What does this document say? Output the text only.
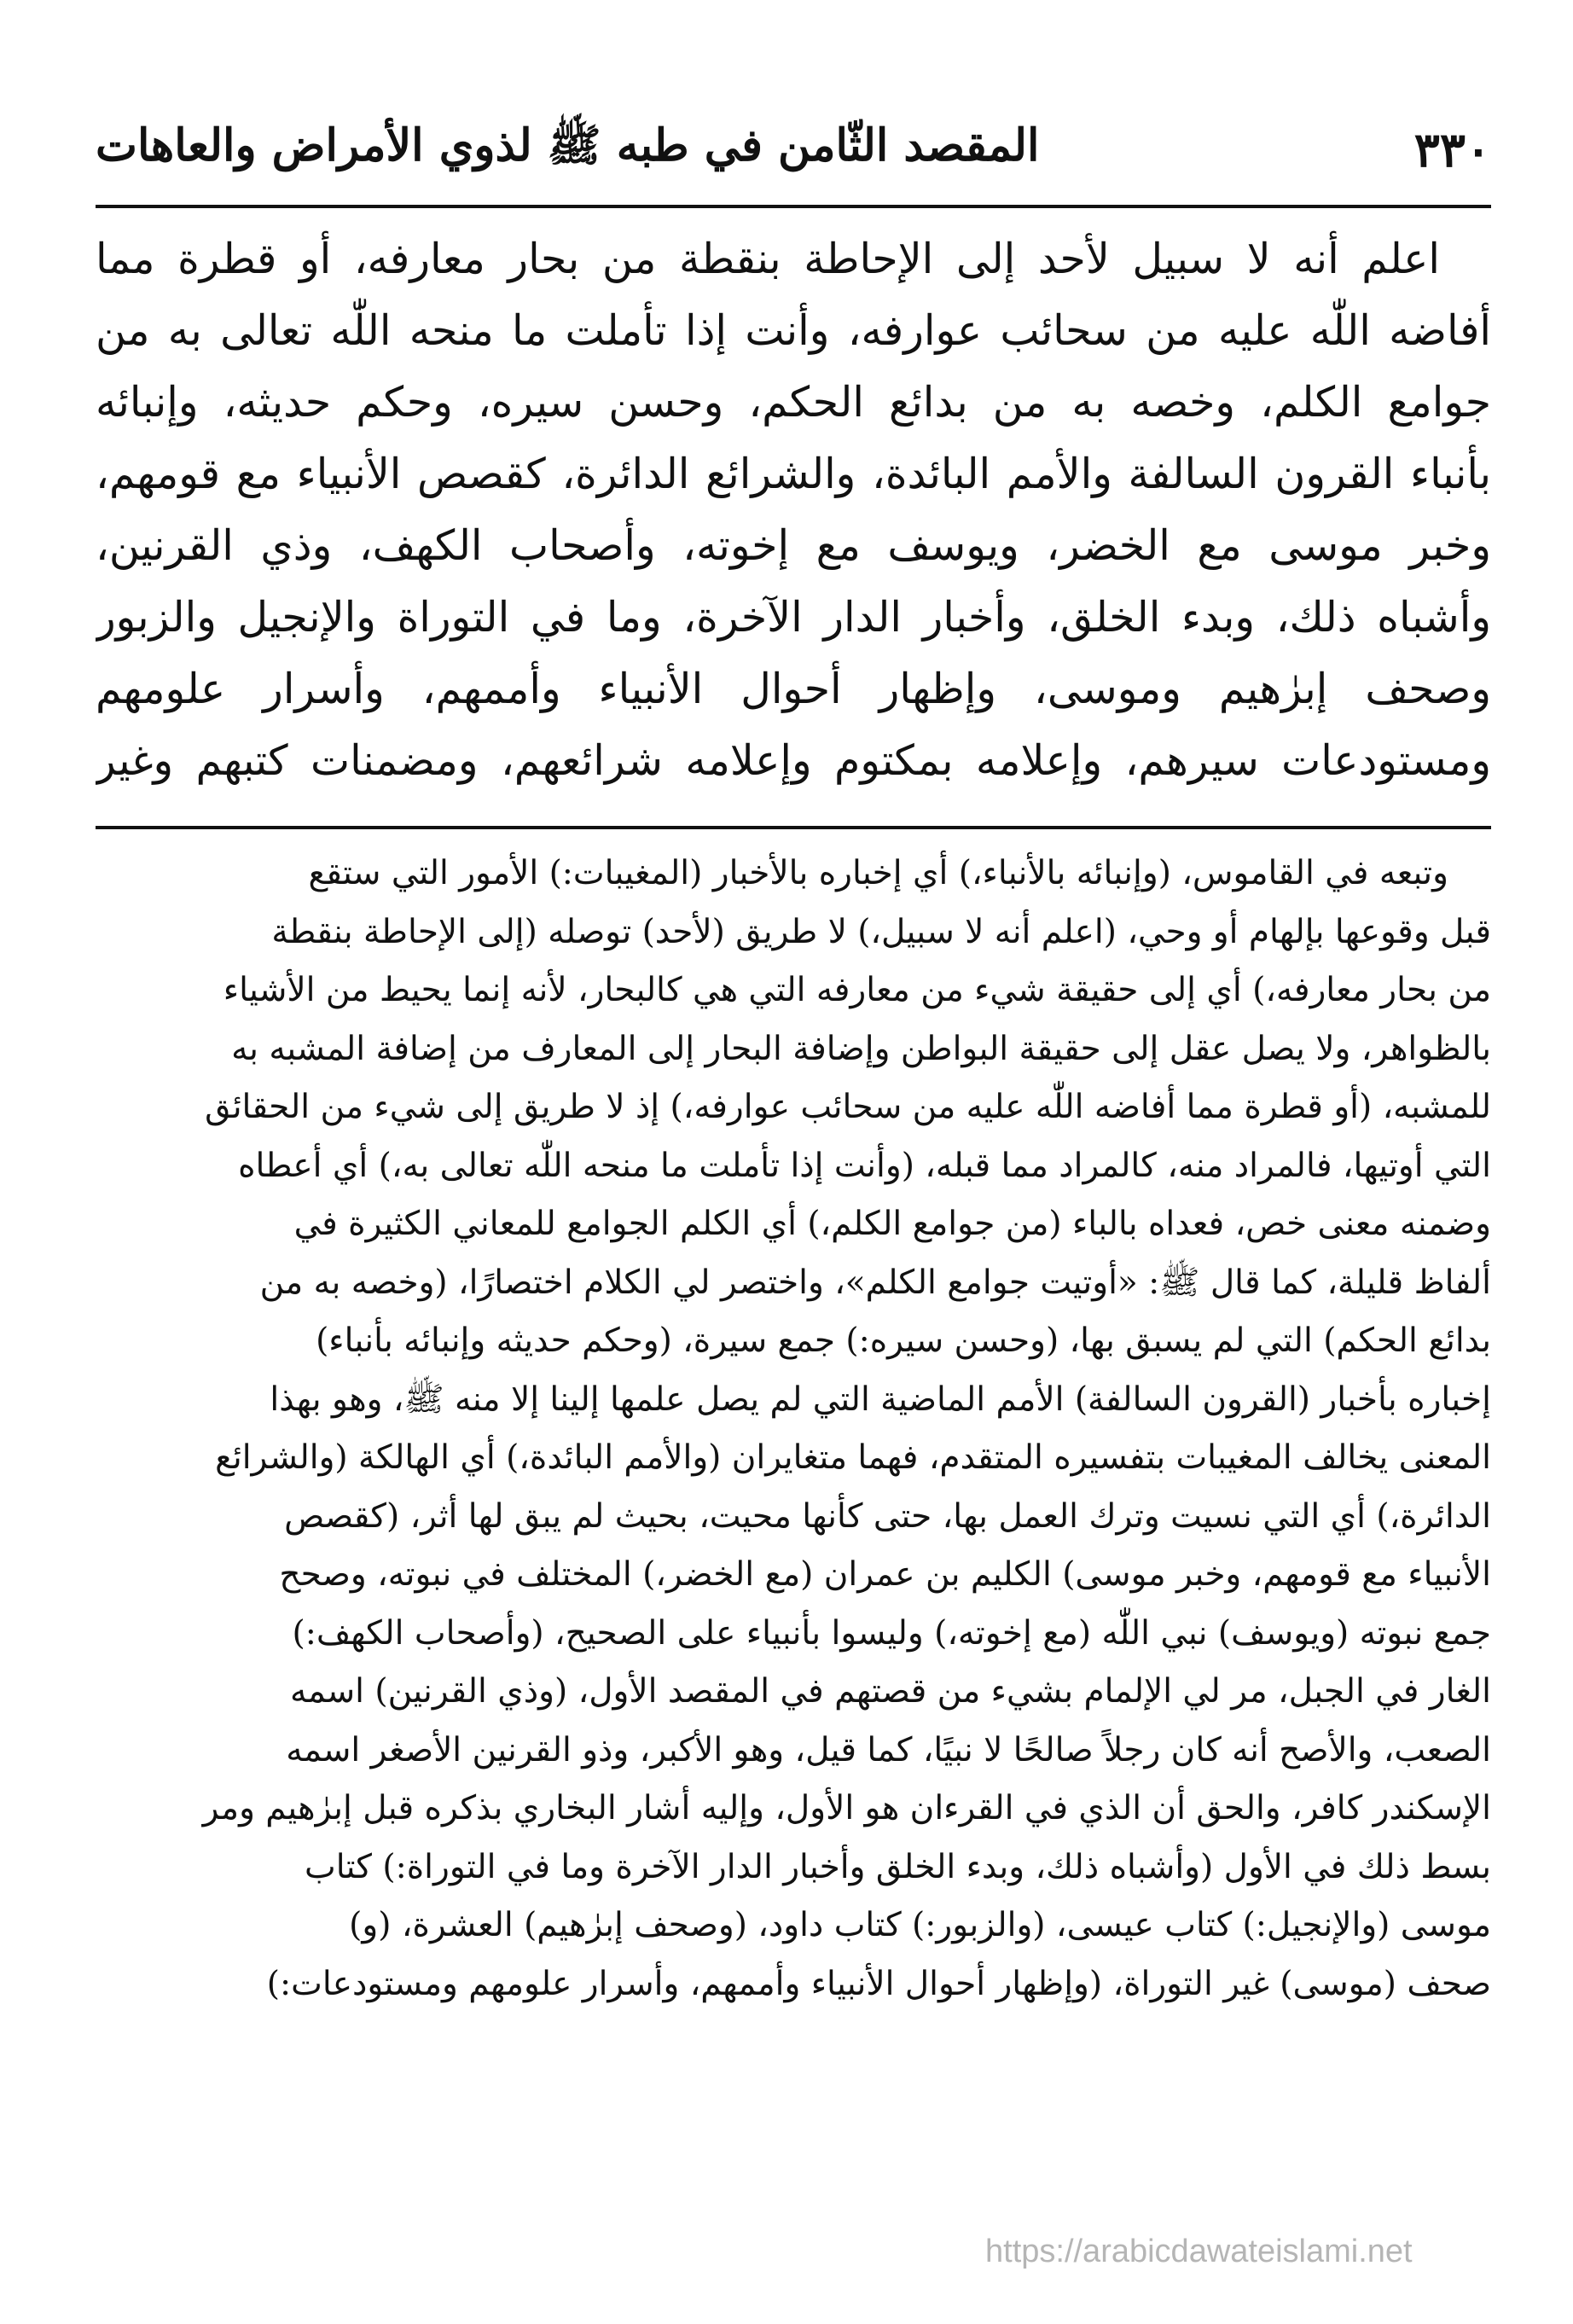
٣٣٠
المقصد الثّامن في طبه ﷺ لذوي الأمراض والعاهات
اعلم أنه لا سبيل لأحد إلى الإحاطة بنقطة من بحار معارفه، أو قطرة مما
أفاضه اللّٰه عليه من سحائب عوارفه، وأنت إذا تأملت ما منحه اللّٰه تعالى به من
جوامع الكلم، وخصه به من بدائع الحكم، وحسن سيره، وحكم حديثه، وإنبائه
بأنباء القرون السالفة والأمم البائدة، والشرائع الدائرة، كقصص الأنبياء مع قومهم،
وخبر موسى مع الخضر، ويوسف مع إخوته، وأصحاب الكهف، وذي القرنين،
وأشباه ذلك، وبدء الخلق، وأخبار الدار الآخرة، وما في التوراة والإنجيل والزبور
وصحف إبرٰهيم وموسى، وإظهار أحوال الأنبياء وأممهم، وأسرار علومهم
ومستودعات سيرهم، وإعلامه بمكتوم وإعلامه شرائعهم، ومضمنات كتبهم وغير
وتبعه في القاموس، (وإنبائه بالأنباء،) أي إخباره بالأخبار (المغيبات:) الأمور التي ستقع
قبل وقوعها بإلهام أو وحي، (اعلم أنه لا سبيل،) لا طريق (لأحد) توصله (إلى الإحاطة بنقطة
من بحار معارفه،) أي إلى حقيقة شيء من معارفه التي هي كالبحار، لأنه إنما يحيط من الأشياء
بالظواهر، ولا يصل عقل إلى حقيقة البواطن وإضافة البحار إلى المعارف من إضافة المشبه به
للمشبه، (أو قطرة مما أفاضه اللّٰه عليه من سحائب عوارفه،) إذ لا طريق إلى شيء من الحقائق
التي أوتيها، فالمراد منه، كالمراد مما قبله، (وأنت إذا تأملت ما منحه اللّٰه تعالى به،) أي أعطاه
وضمنه معنى خص، فعداه بالباء (من جوامع الكلم،) أي الكلم الجوامع للمعاني الكثيرة في
ألفاظ قليلة، كما قال ﷺ: «أوتيت جوامع الكلم»، واختصر لي الكلام اختصارًا، (وخصه به من
بدائع الحكم) التي لم يسبق بها، (وحسن سيره:) جمع سيرة، (وحكم حديثه وإنبائه بأنباء)
إخباره بأخبار (القرون السالفة) الأمم الماضية التي لم يصل علمها إلينا إلا منه ﷺ، وهو بهذا
المعنى يخالف المغيبات بتفسيره المتقدم، فهما متغايران (والأمم البائدة،) أي الهالكة (والشرائع
الدائرة،) أي التي نسيت وترك العمل بها، حتى كأنها محيت، بحيث لم يبق لها أثر، (كقصص
الأنبياء مع قومهم، وخبر موسى) الكليم بن عمران (مع الخضر،) المختلف في نبوته، وصحح
جمع نبوته (ويوسف) نبي اللّٰه (مع إخوته،) وليسوا بأنبياء على الصحيح، (وأصحاب الكهف:)
الغار في الجبل، مر لي الإلمام بشيء من قصتهم في المقصد الأول، (وذي القرنين) اسمه
الصعب، والأصح أنه كان رجلاً صالحًا لا نبيًا، كما قيل، وهو الأكبر، وذو القرنين الأصغر اسمه
الإسكندر كافر، والحق أن الذي في القرءان هو الأول، وإليه أشار البخاري بذكره قبل إبرٰهيم ومر
بسط ذلك في الأول (وأشباه ذلك، وبدء الخلق وأخبار الدار الآخرة وما في التوراة:) كتاب
موسى (والإنجيل:) كتاب عيسى، (والزبور:) كتاب داود، (وصحف إبرٰهيم) العشرة، (و)
صحف (موسى) غير التوراة، (وإظهار أحوال الأنبياء وأممهم، وأسرار علومهم ومستودعات:)
https://arabicdawateislami.net
